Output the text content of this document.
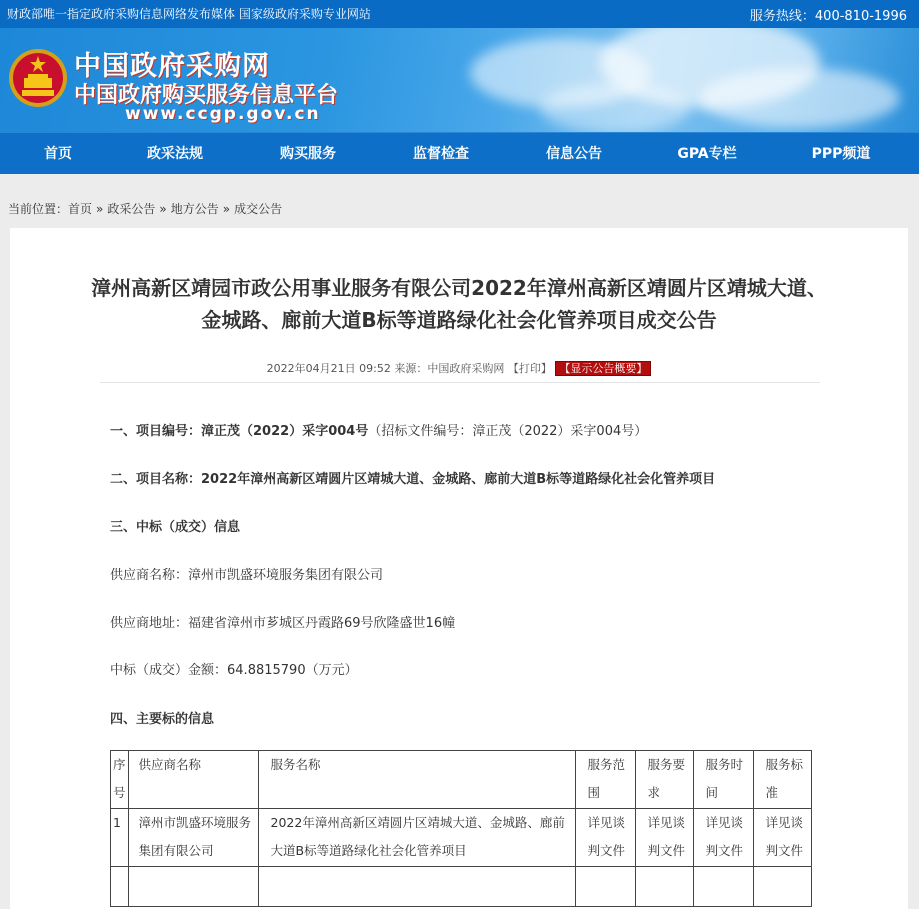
财政部唯一指定政府采购信息网络发布媒体 国家级政府采购专业网站	服务热线：400-810-1996
中国政府采购网
中国政府购买服务信息平台
www.ccgp.gov.cn
首页	政采法规	购买服务	监督检查	信息公告	GPA专栏	PPP频道
当前位置：首页 » 政采公告 » 地方公告 » 成交公告
漳州高新区靖园市政公用事业服务有限公司2022年漳州高新区靖圆片区靖城大道、
金城路、廊前大道B标等道路绿化社会化管养项目成交公告
2022年04月21日 09:52 来源：中国政府采购网 【打印】 【显示公告概要】
一、项目编号：漳正茂（2022）采字004号（招标文件编号：漳正茂（2022）采字004号）
二、项目名称：2022年漳州高新区靖圆片区靖城大道、金城路、廊前大道B标等道路绿化社会化管养项目
三、中标（成交）信息
供应商名称：漳州市凯盛环境服务集团有限公司
供应商地址：福建省漳州市芗城区丹霞路69号欣隆盛世16幢
中标（成交）金额：64.8815790（万元）
四、主要标的信息
序号	供应商名称	服务名称	服务范围	服务要求	服务时间	服务标准
1	漳州市凯盛环境服务集团有限公司	2022年漳州高新区靖圆片区靖城大道、金城路、廊前大道B标等道路绿化社会化管养项目	详见谈判文件	详见谈判文件	详见谈判文件	详见谈判文件
